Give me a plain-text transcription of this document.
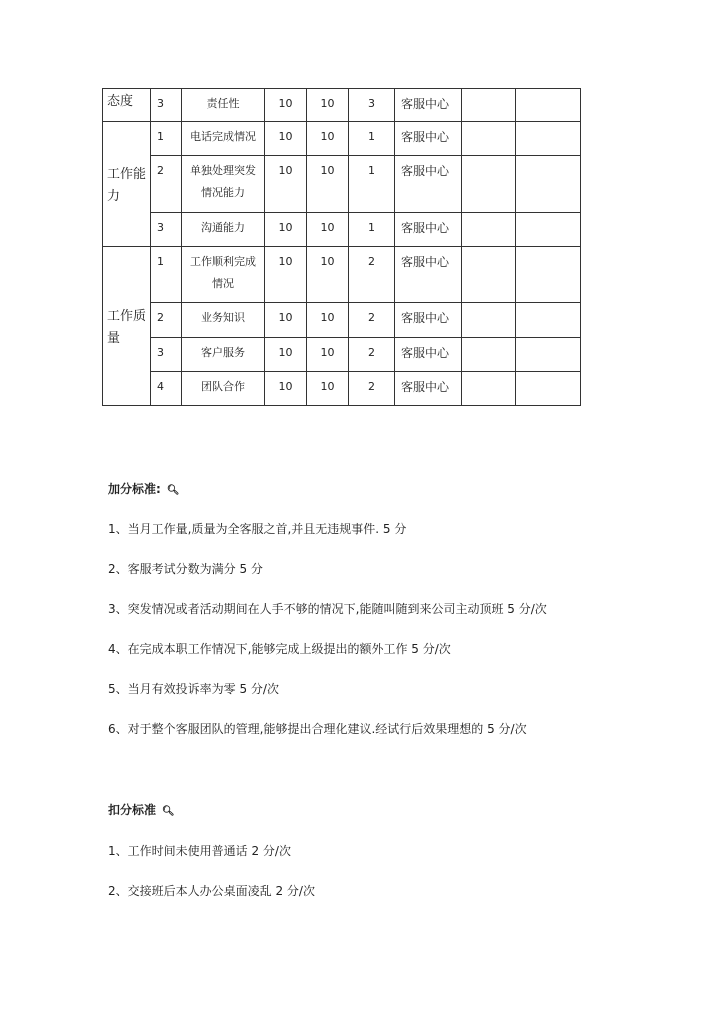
态度	3	责任性	10	10	3	客服中心		
工作能力	1	电话完成情况	10	10	1	客服中心		
	2	单独处理突发情况能力	10	10	1	客服中心		
	3	沟通能力	10	10	1	客服中心		
工作质量	1	工作顺利完成情况	10	10	2	客服中心		
	2	业务知识	10	10	2	客服中心		
	3	客户服务	10	10	2	客服中心		
	4	团队合作	10	10	2	客服中心		
加分标准: 🔍︎
1、当月工作量,质量为全客服之首,并且无违规事件. 5 分
2、客服考试分数为满分 5 分
3、突发情况或者活动期间在人手不够的情况下,能随叫随到来公司主动顶班 5 分/次
4、在完成本职工作情况下,能够完成上级提出的额外工作 5 分/次
5、当月有效投诉率为零 5 分/次
6、对于整个客服团队的管理,能够提出合理化建议.经试行后效果理想的 5 分/次
扣分标准 🔍︎
1、工作时间未使用普通话 2 分/次
2、交接班后本人办公桌面凌乱 2 分/次
